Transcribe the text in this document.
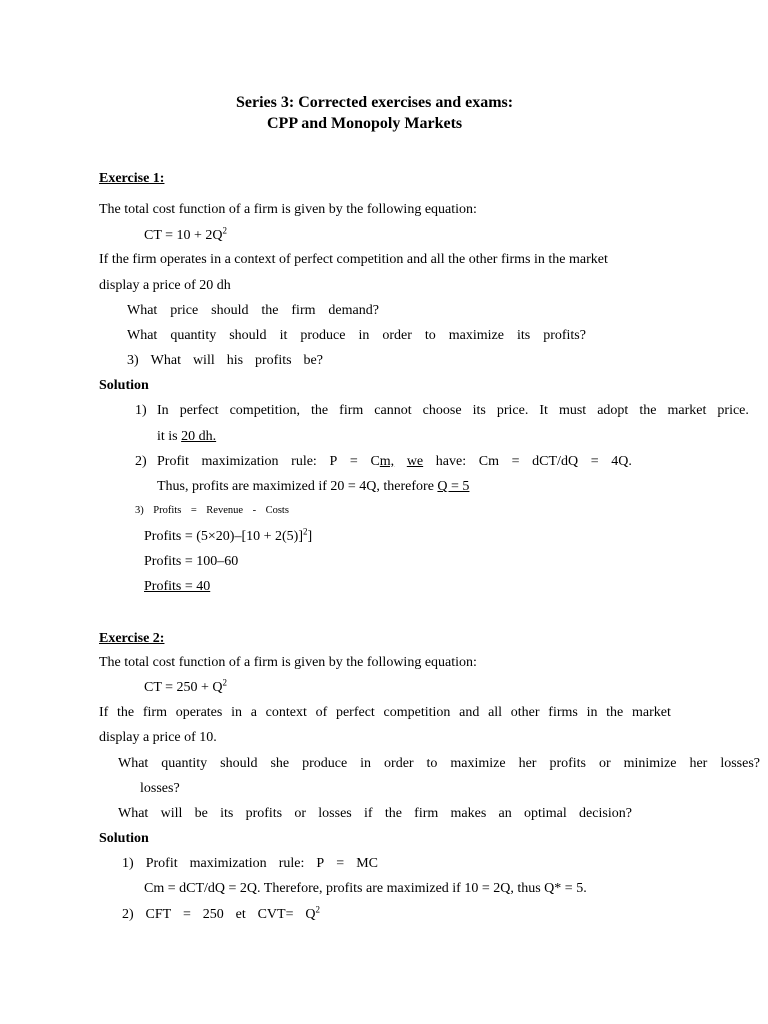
Series 3: Corrected exercises and exams:
CPP and Monopoly Markets
Exercise 1:
The total cost function of a firm is given by the following equation:
CT = $10 + 2Q^2$
If the firm operates in a context of perfect competition and all the other firms in the market
display a price of 20 dh
What price should the firm demand?
What quantity should it produce in order to maximize its profits?
3) What will his profits be?
Solution
1) In perfect competition, the firm cannot choose its price. It must adopt the market price.
it is 20 dh.
2) Profit maximization rule: P = Cm, we have: Cm = dCT/dQ = 4Q.
Thus, profits are maximized if 20 = 4Q, therefore Q = 5
3) Profits = Revenue - Costs
Profits = $(5\times 20)-[10 + 2(5)]^2$]
Profits = 100–60
Profits = 40
Exercise 2:
The total cost function of a firm is given by the following equation:
CT = $250 + Q^2$
If the firm operates in a context of perfect competition and all other firms in the market
display a price of 10.
What quantity should she produce in order to maximize her profits or minimize her losses?
losses?
What will be its profits or losses if the firm makes an optimal decision?
Solution
1) Profit maximization rule: P = MC
Cm = dCT/dQ = 2Q. Therefore, profits are maximized if 10 = 2Q, thus Q* = 5.
2) CFT = 250 et $CVT= Q^2$
